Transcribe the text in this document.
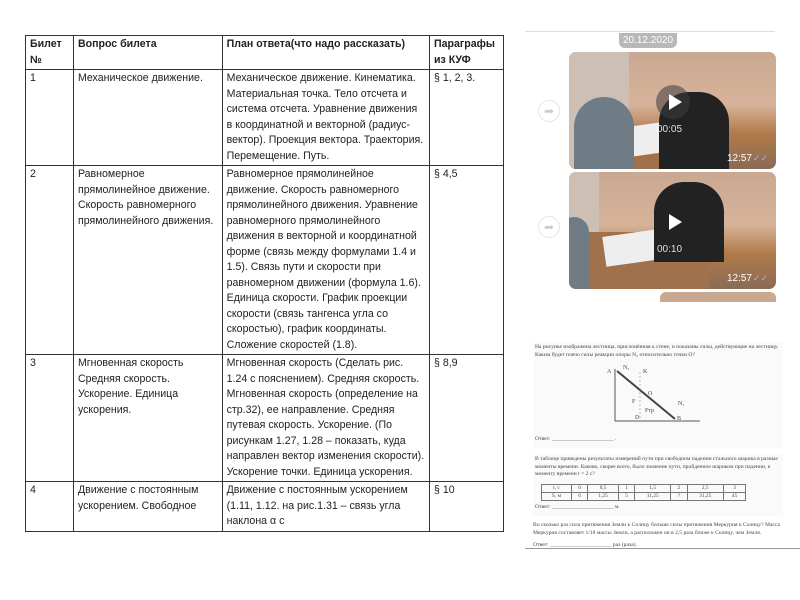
Билет №	Вопрос билета	План ответа(что надо рассказать)	Параграфы из КУФ
1	Механическое движение.	Механическое движение. Кинематика. Материальная точка. Тело отсчета и система отсчета. Уравнение движения в координатной и векторной (радиус-вектор). Проекция вектора. Траектория. Перемещение. Путь.	§ 1, 2, 3.
2	Равномерное прямолинейное движение. Скорость равномерного прямолинейного движения.	Равномерное прямолинейное движение. Скорость равномерного прямолинейного движения. Уравнение равномерного прямолинейного движения в векторной и координатной форме (связь между формулами 1.4 и 1.5). Связь пути и скорости при равномерном движении (формула 1.6). Единица скорости. График проекции скорости (связь тангенса угла со скоростью), график координаты. Сложение скоростей (1.8).	§ 4,5
3	Мгновенная скорость Средняя скорость. Ускорение. Единица ускорения.	Мгновенная скорость (Сделать рис. 1.24 с пояснением). Средняя скорость. Мгновенная скорость (определение на стр.32), ее направление. Средняя путевая скорость. Ускорение. (По рисункам 1.27, 1.28 – показать, куда направлен вектор изменения скорости). Ускорение точки. Единица ускорения.	§ 8,9
4	Движение с постоянным ускорением. Свободное	Движение с постоянным ускорением (1.11, 1.12. на рис.1.31 – связь угла наклона α с	§ 10
20.12.2020
➦
00:05
12:57 ✓✓
➦
00:10
12:57 ✓✓
На рисунке изображена лестница, прислонённая к стене, и показаны силы, действующие на лестницу. Каким будет плечо силы реакции опоры N₂ относительно точки O?
A	K
O
D	B
N₂
N₁
F
Fтр
Ответ: ______________________ .
В таблице приведены результаты измерений пути при свободном падении стального шарика в разные моменты времени. Каково, скорее всего, было значение пути, пройденное шариком при падении, к моменту времени t = 2 с?
t, с	0	0,5	1	1,5	2	2,5	3
S, м	0	1,25	5	11,25	?	31,25	45
Ответ: ______________________ м.
Во сколько раз сила притяжения Земли к Солнцу больше силы притяжения Меркурия к Солнцу? Масса Меркурия составляет 1/18 массы Земли, а расположен он в 2,5 раза ближе к Солнцу, чем Земля.
Ответ: ______________________ раз (раза).
